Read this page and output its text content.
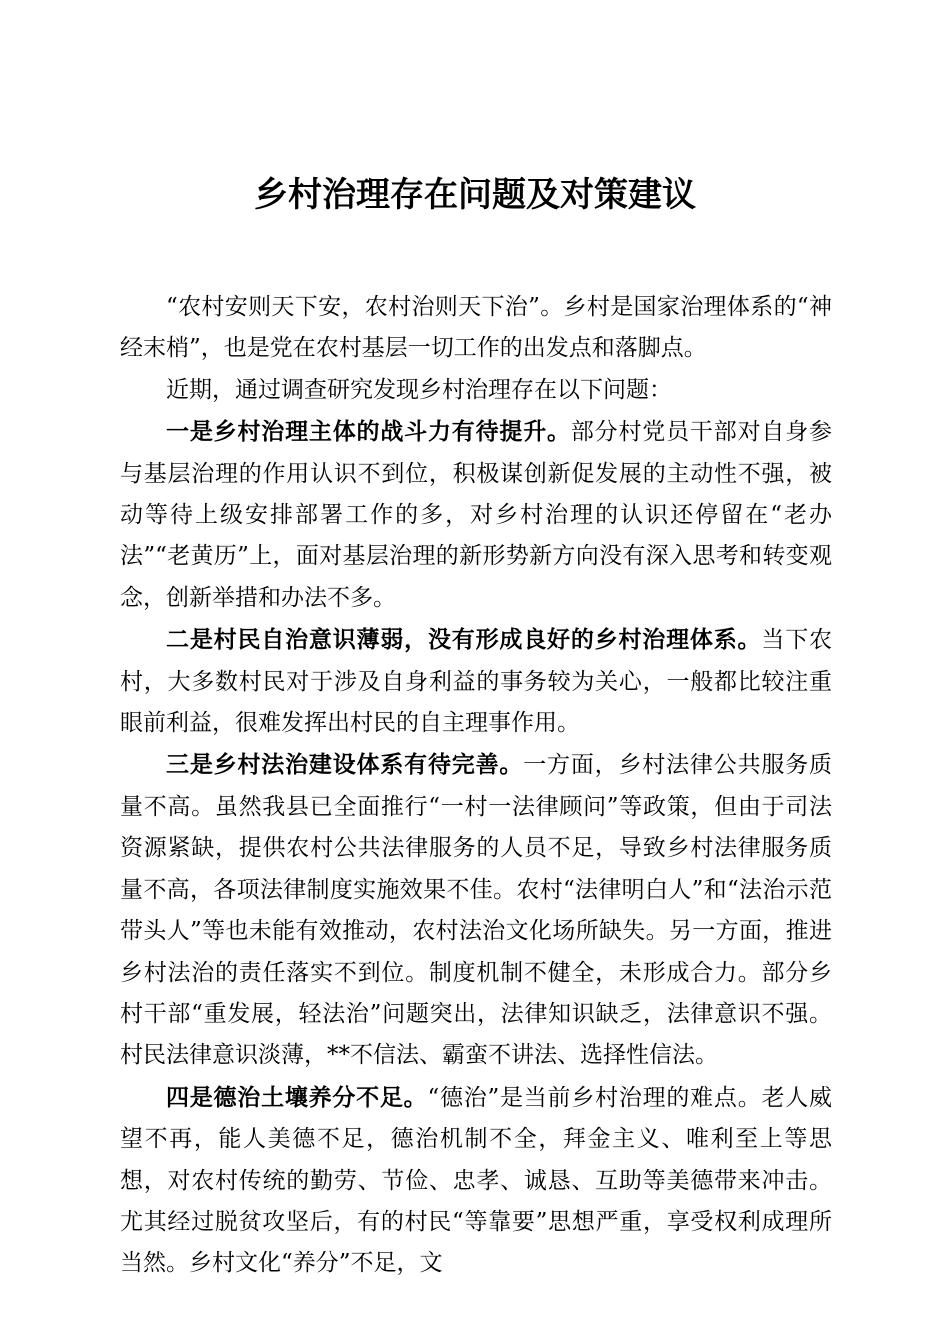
乡村治理存在问题及对策建议

“农村安则天下安，农村治则天下治”。乡村是国家治理体系的“神经末梢”，也是党在农村基层一切工作的出发点和落脚点。

近期，通过调查研究发现乡村治理存在以下问题：

一是乡村治理主体的战斗力有待提升。部分村党员干部对自身参与基层治理的作用认识不到位，积极谋创新促发展的主动性不强，被动等待上级安排部署工作的多，对乡村治理的认识还停留在“老办法”“老黄历”上，面对基层治理的新形势新方向没有深入思考和转变观念，创新举措和办法不多。

二是村民自治意识薄弱，没有形成良好的乡村治理体系。当下农村，大多数村民对于涉及自身利益的事务较为关心，一般都比较注重眼前利益，很难发挥出村民的自主理事作用。

三是乡村法治建设体系有待完善。一方面，乡村法律公共服务质量不高。虽然我县已全面推行“一村一法律顾问”等政策，但由于司法资源紧缺，提供农村公共法律服务的人员不足，导致乡村法律服务质量不高，各项法律制度实施效果不佳。农村“法律明白人”和“法治示范带头人”等也未能有效推动，农村法治文化场所缺失。另一方面，推进乡村法治的责任落实不到位。制度机制不健全，未形成合力。部分乡村干部“重发展，轻法治”问题突出，法律知识缺乏，法律意识不强。村民法律意识淡薄，**不信法、霸蛮不讲法、选择性信法。

四是德治土壤养分不足。“德治”是当前乡村治理的难点。老人威望不再，能人美德不足，德治机制不全，拜金主义、唯利至上等思想，对农村传统的勤劳、节俭、忠孝、诚恳、互助等美德带来冲击。尤其经过脱贫攻坚后，有的村民“等靠要”思想严重，享受权利成理所当然。乡村文化“养分”不足，文
